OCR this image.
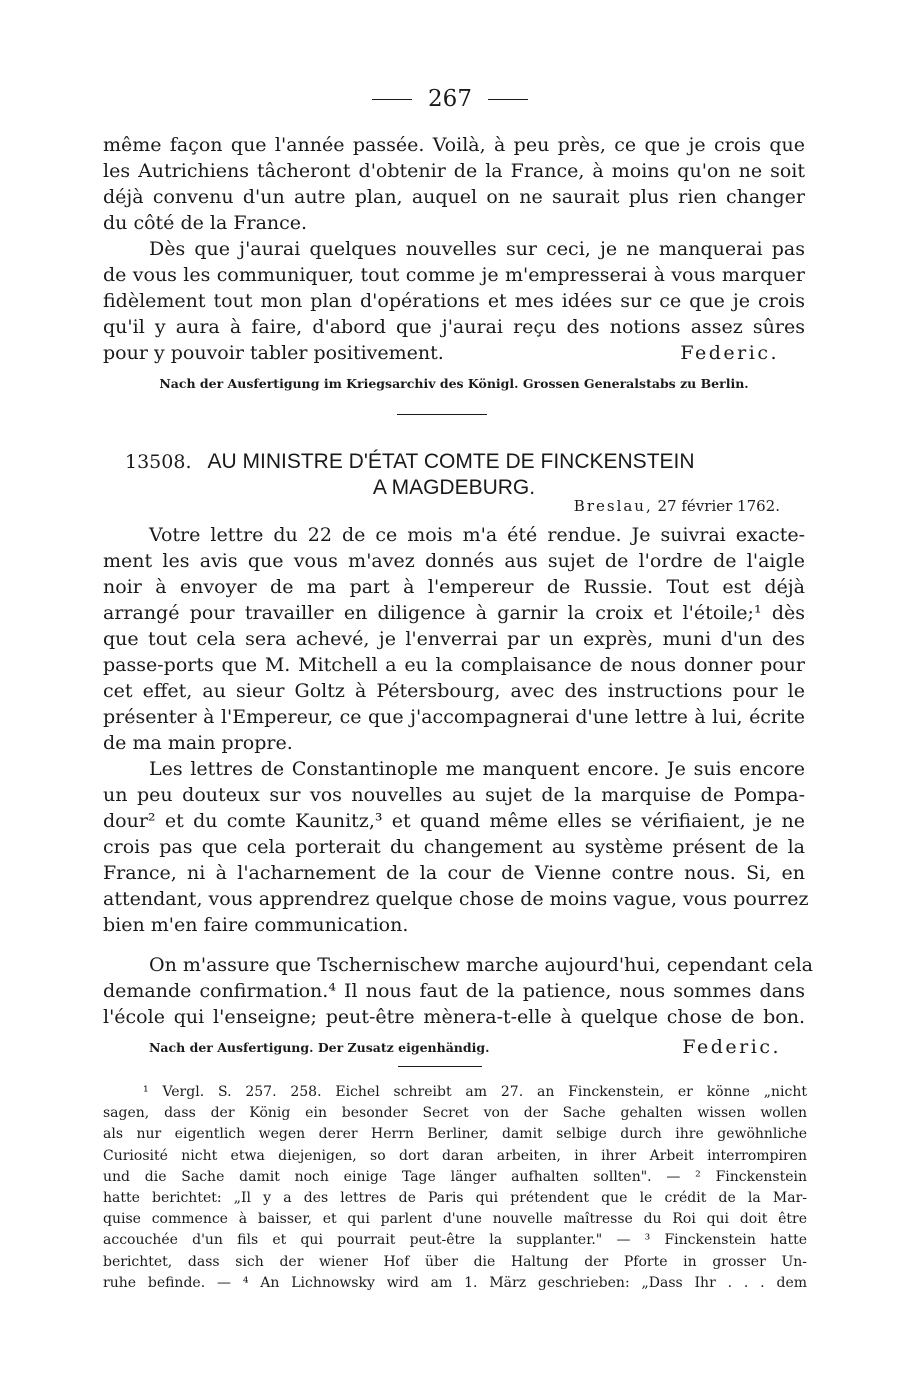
267
même façon que l'année passée. Voilà, à peu près, ce que je crois que
les Autrichiens tâcheront d'obtenir de la France, à moins qu'on ne soit
déjà convenu d'un autre plan, auquel on ne saurait plus rien changer
du côté de la France.
Dès que j'aurai quelques nouvelles sur ceci, je ne manquerai pas
de vous les communiquer, tout comme je m'empresserai à vous marquer
fidèlement tout mon plan d'opérations et mes idées sur ce que je crois
qu'il y aura à faire, d'abord que j'aurai reçu des notions assez sûres
pour y pouvoir tabler positivement.	Federic.
Nach der Ausfertigung im Kriegsarchiv des Königl. Grossen Generalstabs zu Berlin.
13508. AU MINISTRE D'ÉTAT COMTE DE FINCKENSTEIN
A MAGDEBURG.
Breslau, 27 février 1762.
Votre lettre du 22 de ce mois m'a été rendue. Je suivrai exacte-
ment les avis que vous m'avez donnés aus sujet de l'ordre de l'aigle
noir à envoyer de ma part à l'empereur de Russie. Tout est déjà
arrangé pour travailler en diligence à garnir la croix et l'étoile;¹ dès
que tout cela sera achevé, je l'enverrai par un exprès, muni d'un des
passe-ports que M. Mitchell a eu la complaisance de nous donner pour
cet effet, au sieur Goltz à Pétersbourg, avec des instructions pour le
présenter à l'Empereur, ce que j'accompagnerai d'une lettre à lui, écrite
de ma main propre.
Les lettres de Constantinople me manquent encore. Je suis encore
un peu douteux sur vos nouvelles au sujet de la marquise de Pompa-
dour² et du comte Kaunitz,³ et quand même elles se vérifiaient, je ne
crois pas que cela porterait du changement au système présent de la
France, ni à l'acharnement de la cour de Vienne contre nous. Si, en
attendant, vous apprendrez quelque chose de moins vague, vous pourrez
bien m'en faire communication.
On m'assure que Tschernischew marche aujourd'hui, cependant cela
demande confirmation.⁴ Il nous faut de la patience, nous sommes dans
l'école qui l'enseigne; peut-être mènera-t-elle à quelque chose de bon.
Nach der Ausfertigung. Der Zusatz eigenhändig.	Federic.
¹ Vergl. S. 257. 258. Eichel schreibt am 27. an Finckenstein, er könne „nicht
sagen, dass der König ein besonder Secret von der Sache gehalten wissen wollen
als nur eigentlich wegen derer Herrn Berliner, damit selbige durch ihre gewöhnliche
Curiosité nicht etwa diejenigen, so dort daran arbeiten, in ihrer Arbeit interrompiren
und die Sache damit noch einige Tage länger aufhalten sollten". — ² Finckenstein
hatte berichtet: „Il y a des lettres de Paris qui prétendent que le crédit de la Mar-
quise commence à baisser, et qui parlent d'une nouvelle maîtresse du Roi qui doit être
accouchée d'un fils et qui pourrait peut-être la supplanter." — ³ Finckenstein hatte
berichtet, dass sich der wiener Hof über die Haltung der Pforte in grosser Un-
ruhe befinde. — ⁴ An Lichnowsky wird am 1. März geschrieben: „Dass Ihr . . . dem
